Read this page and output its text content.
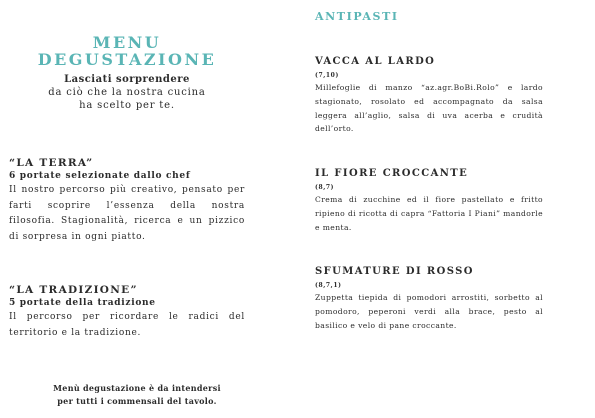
MENU
DEGUSTAZIONE
Lasciati sorprendere
da ciò che la nostra cucina
ha scelto per te.
“LA TERRA”
6 portate selezionate dallo chef
Il nostro percorso più creativo, pensato per farti scoprire l’essenza della nostra filosofia. Stagionalità, ricerca e un pizzico di sorpresa in ogni piatto.
“LA TRADIZIONE”
5 portate della tradizione
Il percorso per ricordare le radici del territorio e la tradizione.
Menù degustazione è da intendersi
per tutti i commensali del tavolo.
ANTIPASTI
VACCA AL LARDO
(7,10)
Millefoglie di manzo “az.agr.BoBi.Rolo” e lardo stagionato, rosolato ed accompagnato da salsa leggera all’aglio, salsa di uva acerba e crudità dell’orto.
IL FIORE CROCCANTE
(8,7)
Crema di zucchine ed il fiore pastellato e fritto ripieno di ricotta di capra “Fattoria I Piani” mandorle e menta.
SFUMATURE DI ROSSO
(8,7,1)
Zuppetta tiepida di pomodori arrostiti, sorbetto al pomodoro, peperoni verdi alla brace, pesto al basilico e velo di pane croccante.
